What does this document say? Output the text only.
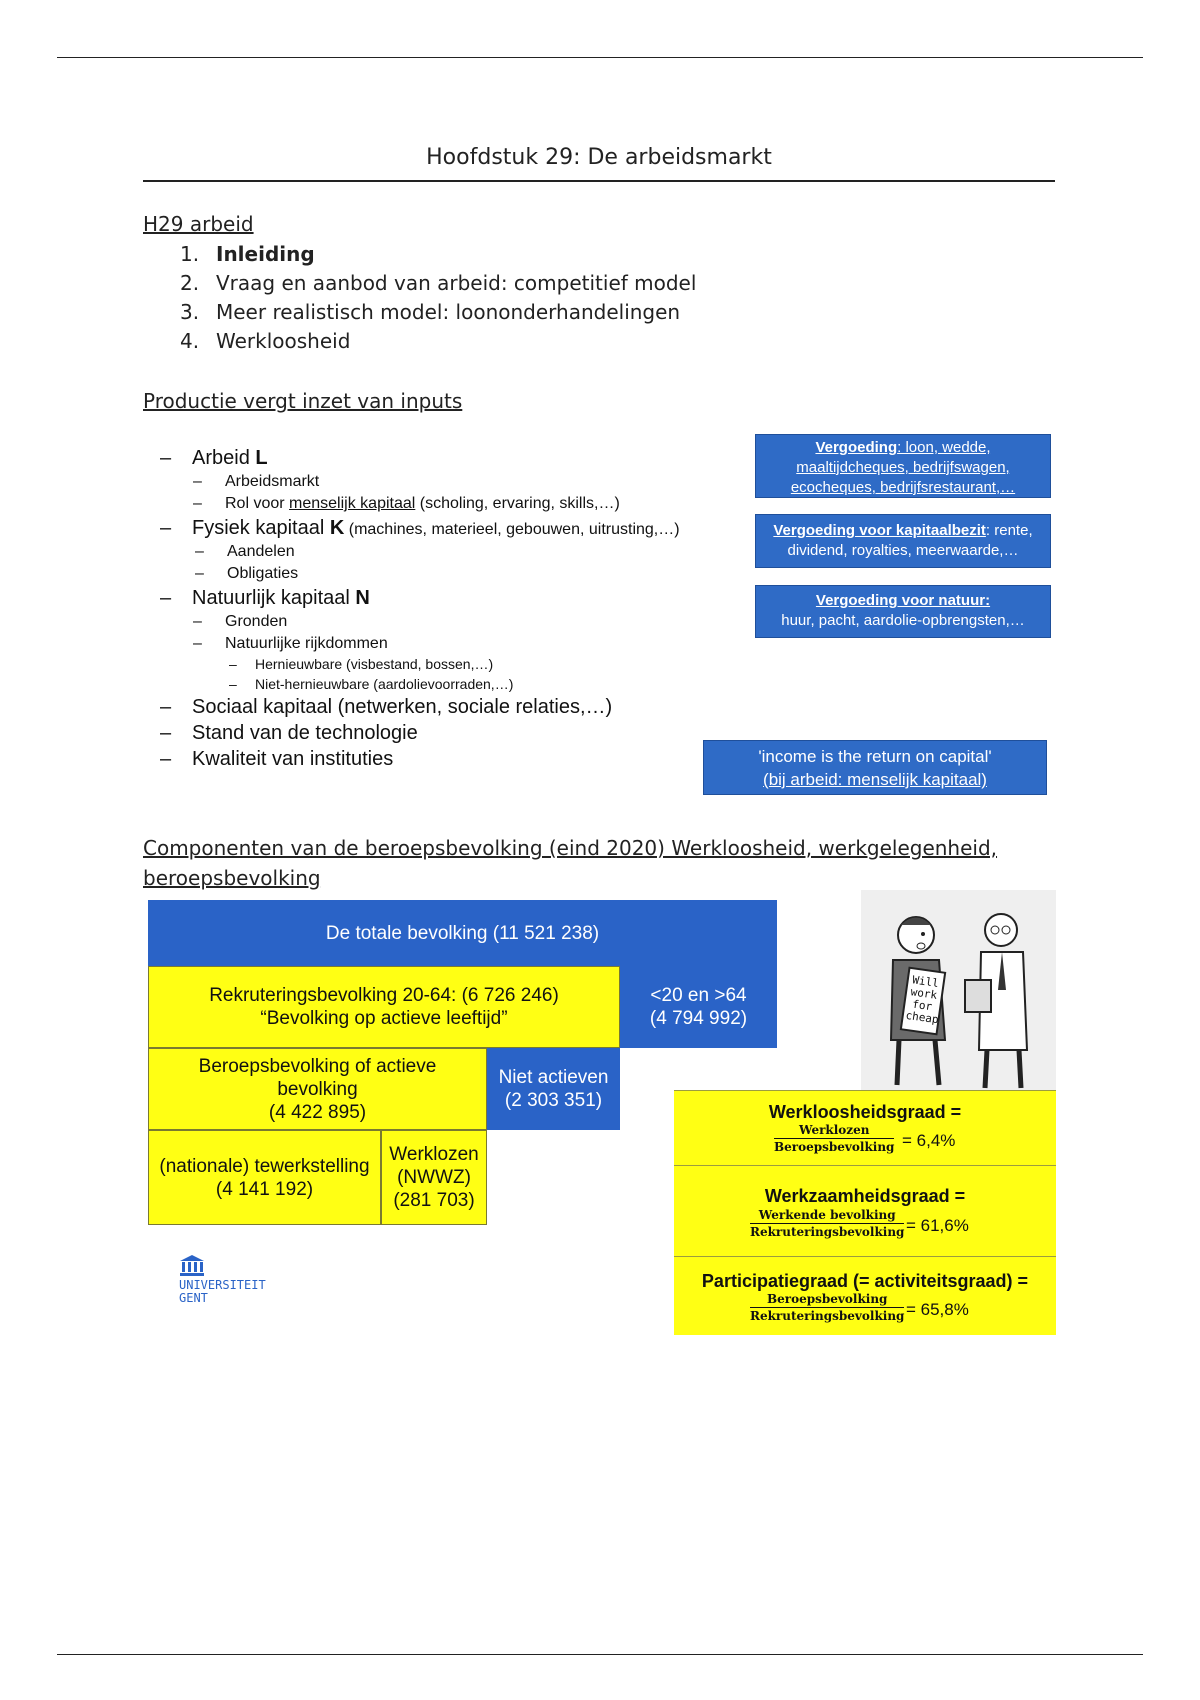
Hoofdstuk 29: De arbeidsmarkt
H29 arbeid
1. Inleiding
2. Vraag en aanbod van arbeid: competitief model
3. Meer realistisch model: loononderhandelingen
4. Werkloosheid
Productie vergt inzet van inputs
– Arbeid L
– Arbeidsmarkt
– Rol voor menselijk kapitaal (scholing, ervaring, skills,…)
– Fysiek kapitaal K (machines, materieel, gebouwen, uitrusting,…)
– Aandelen
– Obligaties
– Natuurlijk kapitaal N
– Gronden
– Natuurlijke rijkdommen
– Hernieuwbare (visbestand, bossen,…)
– Niet-hernieuwbare (aardolievoorraden,…)
– Sociaal kapitaal (netwerken, sociale relaties,…)
– Stand van de technologie
– Kwaliteit van instituties
Vergoeding: loon, wedde,
maaltijdcheques, bedrijfswagen,
ecocheques, bedrijfsrestaurant,…
Vergoeding voor kapitaalbezit: rente,
dividend, royalties, meerwaarde,…
Vergoeding voor natuur:
huur, pacht, aardolie-opbrengsten,…
'income is the return on capital'
(bij arbeid: menselijk kapitaal)
Componenten van de beroepsbevolking (eind 2020) Werkloosheid, werkgelegenheid, beroepsbevolking
De totale bevolking (11 521 238)
Rekruteringsbevolking 20-64: (6 726 246)
“Bevolking op actieve leeftijd”
<20 en >64
(4 794 992)
Beroepsbevolking of actieve
bevolking
(4 422 895)
Niet actieven
(2 303 351)
(nationale) tewerkstelling
(4 141 192)
Werklozen
(NWWZ)
(281 703)
Will work for cheap
Werkloosheidsgraad =
Werklozen
Beroepsbevolking = 6,4%
Werkzaamheidsgraad =
Werkende bevolking
Rekruteringsbevolking = 61,6%
Participatiegraad (= activiteitsgraad) =
Beroepsbevolking
Rekruteringsbevolking = 65,8%
UNIVERSITEIT
GENT
